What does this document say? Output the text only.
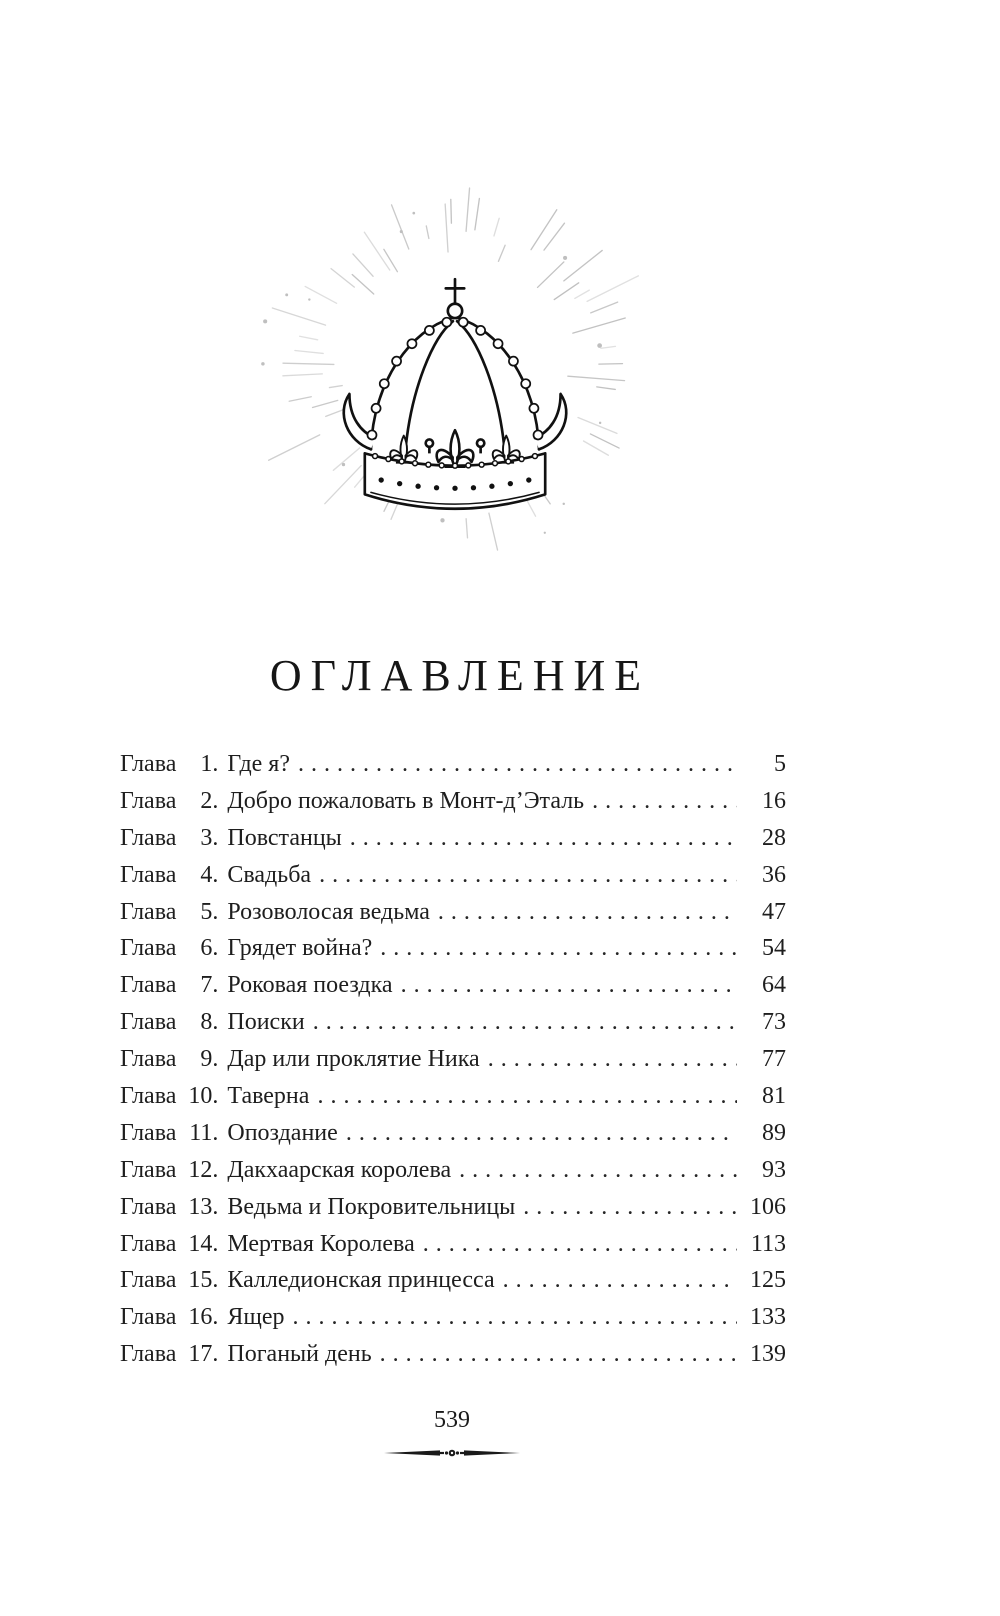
ОГЛАВЛЕНИЕ
Глава	1. Где я? .....	5
Глава	2. Добро пожаловать в Монт-д’Эталь .....	16
Глава	3. Повстанцы .....	28
Глава	4. Свадьба .....	36
Глава	5. Розоволосая ведьма .....	47
Глава	6. Грядет война? .....	54
Глава	7. Роковая поездка .....	64
Глава	8. Поиски .....	73
Глава	9. Дар или проклятие Ника .....	77
Глава 10. Таверна .....	81
Глава 11. Опоздание .....	89
Глава 12. Дакхаарская королева .....	93
Глава 13. Ведьма и Покровительницы .....	106
Глава 14. Мертвая Королева .....	113
Глава 15. Калледионская принцесса .....	125
Глава 16. Ящер .....	133
Глава 17. Поганый день .....	139
539
